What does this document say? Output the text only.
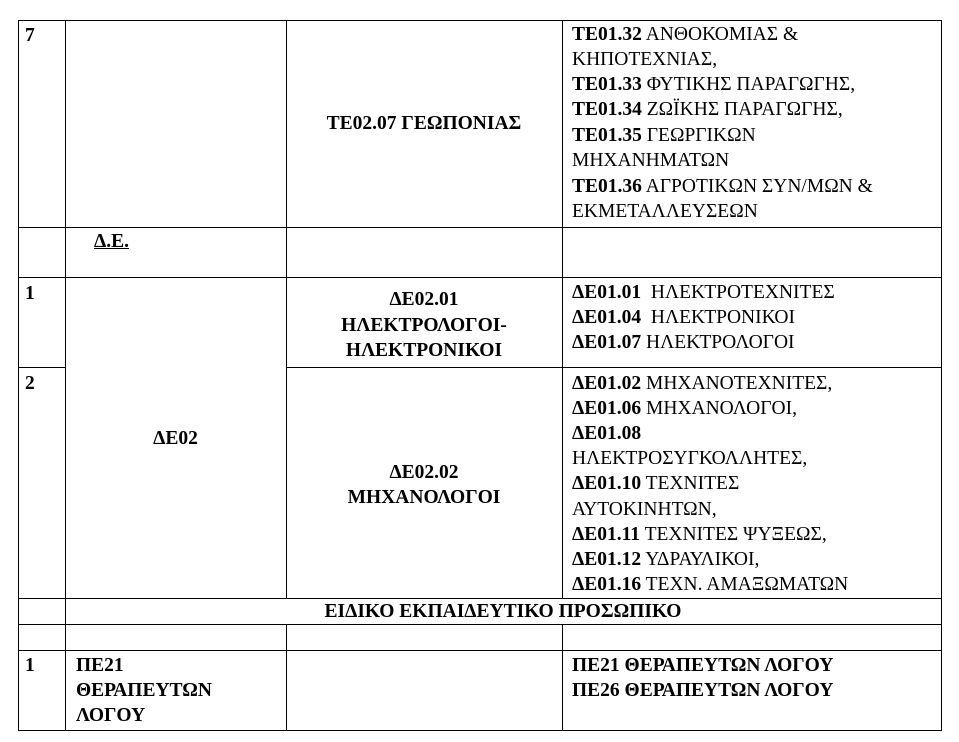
7
ΤΕ02.07 ΓΕΩΠΟΝΙΑΣ
ΤΕ01.32 ΑΝΘΟΚΟΜΙΑΣ &
ΚΗΠΟΤΕΧΝΙΑΣ,
ΤΕ01.33 ΦΥΤΙΚΗΣ ΠΑΡΑΓΩΓΗΣ,
ΤΕ01.34 ΖΩΪΚΗΣ ΠΑΡΑΓΩΓΗΣ,
ΤΕ01.35 ΓΕΩΡΓΙΚΩΝ
ΜΗΧΑΝΗΜΑΤΩΝ
ΤΕ01.36 ΑΓΡΟΤΙΚΩΝ ΣΥΝ/ΜΩΝ &
ΕΚΜΕΤΑΛΛΕΥΣΕΩΝ
Δ.Ε.
1	ΔΕ02.01
ΗΛΕΚΤΡΟΛΟΓΟΙ-
ΗΛΕΚΤΡΟΝΙΚΟΙ
ΔΕ01.01  ΗΛΕΚΤΡΟΤΕΧΝΙΤΕΣ
ΔΕ01.04  ΗΛΕΚΤΡΟΝΙΚΟΙ
ΔΕ01.07 ΗΛΕΚΤΡΟΛΟΓΟΙ
ΔΕ02
2
ΔΕ02.02
ΜΗΧΑΝΟΛΟΓΟΙ
ΔΕ01.02 ΜΗΧΑΝΟΤΕΧΝΙΤΕΣ,
ΔΕ01.06 ΜΗΧΑΝΟΛΟΓΟΙ,
ΔΕ01.08
ΗΛΕΚΤΡΟΣΥΓΚΟΛΛΗΤΕΣ,
ΔΕ01.10 ΤΕΧΝΙΤΕΣ
ΑΥΤΟΚΙΝΗΤΩΝ,
ΔΕ01.11 ΤΕΧΝΙΤΕΣ ΨΥΞΕΩΣ,
ΔΕ01.12 ΥΔΡΑΥΛΙΚΟΙ,
ΔΕ01.16 ΤΕΧΝ. ΑΜΑΞΩΜΑΤΩΝ
ΕΙΔΙΚΟ ΕΚΠΑΙΔΕΥΤΙΚΟ ΠΡΟΣΩΠΙΚΟ
1 ΠΕ21
ΘΕΡΑΠΕΥΤΩΝ
ΛΟΓΟΥ
ΠΕ21 ΘΕΡΑΠΕΥΤΩΝ ΛΟΓΟΥ
ΠΕ26 ΘΕΡΑΠΕΥΤΩΝ ΛΟΓΟΥ
